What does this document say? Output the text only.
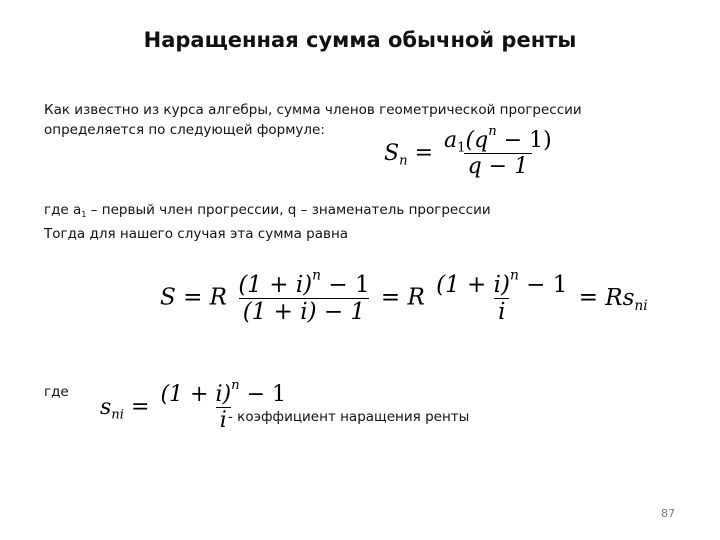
Наращенная сумма обычной ренты
Как известно из курса алгебры, сумма членов геометрической прогрессии
определяется по следующей формуле:
$S_n = \frac{a_1(q^n - 1)}{q - 1}$
где $a_1$ – первый член прогрессии, q – знаменатель прогрессии
Тогда для нашего случая эта сумма равна
S = R $\frac{(1 + i)^n - 1}{(1 + i) - 1} = R \frac{(1 + i)^n - 1}{i} = Rs_{ni}$
где
$s_{ni} = \frac{(1 + i)^n - 1}{i}$
- коэффициент наращения ренты
87
